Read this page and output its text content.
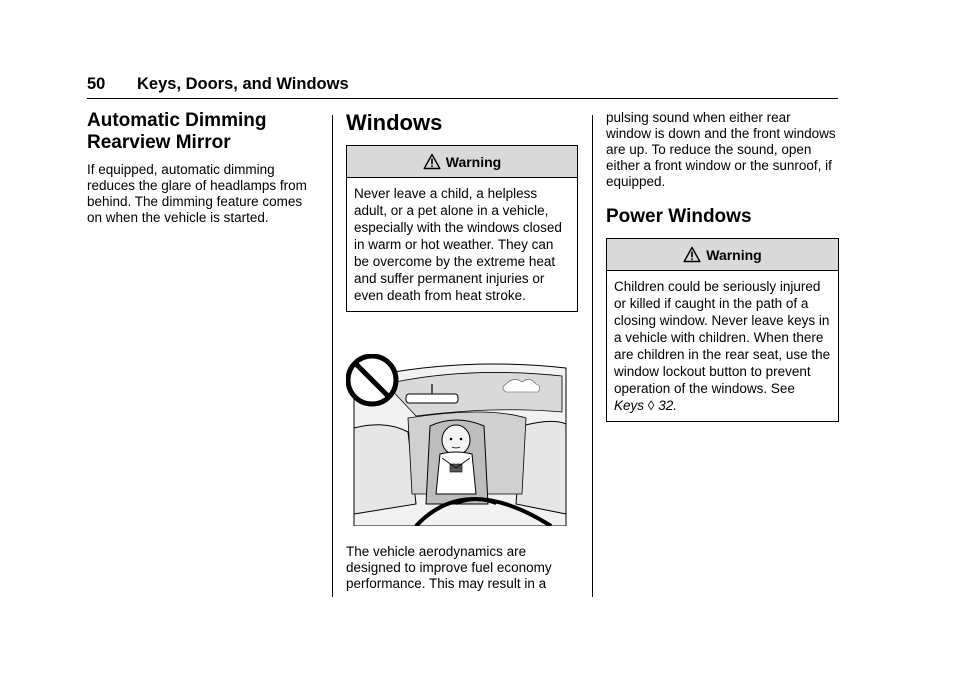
50 Keys, Doors, and Windows
Automatic Dimming Rearview Mirror

If equipped, automatic dimming reduces the glare of headlamps from behind. The dimming feature comes on when the vehicle is started.

Windows
Warning
Never leave a child, a helpless adult, or a pet alone in a vehicle, especially with the windows closed in warm or hot weather. They can be overcome by the extreme heat and suffer permanent injuries or even death from heat stroke.

The vehicle aerodynamics are designed to improve fuel economy performance. This may result in a

pulsing sound when either rear window is down and the front windows are up. To reduce the sound, open either a front window or the sunroof, if equipped.

Power Windows
Warning
Children could be seriously injured or killed if caught in the path of a closing window. Never leave keys in a vehicle with children. When there are children in the rear seat, use the window lockout button to prevent operation of the windows. See
Keys ◊ 32.
